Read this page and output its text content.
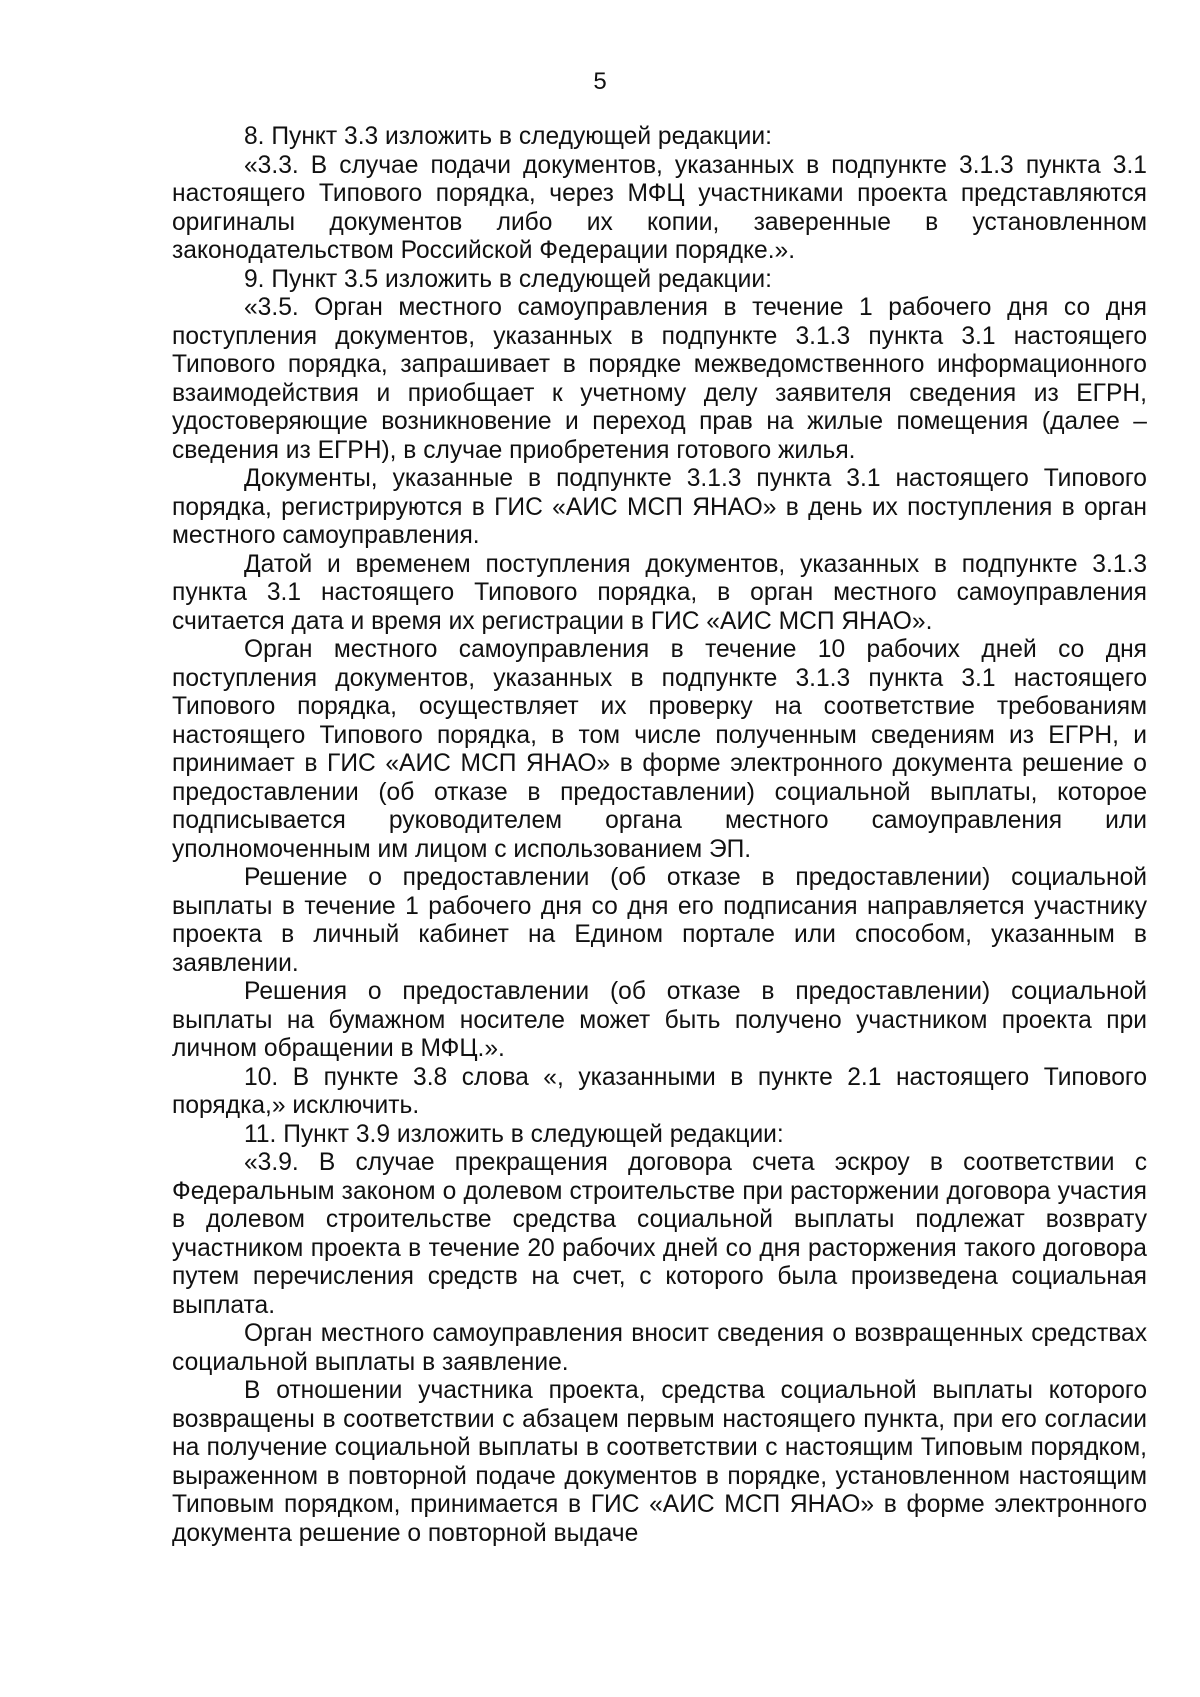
5

8. Пункт 3.3 изложить в следующей редакции:

«3.3. В случае подачи документов, указанных в подпункте 3.1.3 пункта 3.1 настоящего Типового порядка, через МФЦ участниками проекта представляются оригиналы документов либо их копии, заверенные в установленном законодательством Российской Федерации порядке.».

9. Пункт 3.5 изложить в следующей редакции:

«3.5. Орган местного самоуправления в течение 1 рабочего дня со дня поступления документов, указанных в подпункте 3.1.3 пункта 3.1 настоящего Типового порядка, запрашивает в порядке межведомственного информационного взаимодействия и приобщает к учетному делу заявителя сведения из ЕГРН, удостоверяющие возникновение и переход прав на жилые помещения (далее – сведения из ЕГРН), в случае приобретения готового жилья.

Документы, указанные в подпункте 3.1.3 пункта 3.1 настоящего Типового порядка, регистрируются в ГИС «АИС МСП ЯНАО» в день их поступления в орган местного самоуправления.

Датой и временем поступления документов, указанных в подпункте 3.1.3 пункта 3.1 настоящего Типового порядка, в орган местного самоуправления считается дата и время их регистрации в ГИС «АИС МСП ЯНАО».

Орган местного самоуправления в течение 10 рабочих дней со дня поступления документов, указанных в подпункте 3.1.3 пункта 3.1 настоящего Типового порядка, осуществляет их проверку на соответствие требованиям настоящего Типового порядка, в том числе полученным сведениям из ЕГРН, и принимает в ГИС «АИС МСП ЯНАО» в форме электронного документа решение о предоставлении (об отказе в предоставлении) социальной выплаты, которое подписывается руководителем органа местного самоуправления или уполномоченным им лицом с использованием ЭП.

Решение о предоставлении (об отказе в предоставлении) социальной выплаты в течение 1 рабочего дня со дня его подписания направляется участнику проекта в личный кабинет на Едином портале или способом, указанным в заявлении.

Решения о предоставлении (об отказе в предоставлении) социальной выплаты на бумажном носителе может быть получено участником проекта при личном обращении в МФЦ.».

10. В пункте 3.8 слова «, указанными в пункте 2.1 настоящего Типового порядка,» исключить.

11. Пункт 3.9 изложить в следующей редакции:

«3.9. В случае прекращения договора счета эскроу в соответствии с Федеральным законом о долевом строительстве при расторжении договора участия в долевом строительстве средства социальной выплаты подлежат возврату участником проекта в течение 20 рабочих дней со дня расторжения такого договора путем перечисления средств на счет, с которого была произведена социальная выплата.

Орган местного самоуправления вносит сведения о возвращенных средствах социальной выплаты в заявление.

В отношении участника проекта, средства социальной выплаты которого возвращены в соответствии с абзацем первым настоящего пункта, при его согласии на получение социальной выплаты в соответствии с настоящим Типовым порядком, выраженном в повторной подаче документов в порядке, установленном настоящим Типовым порядком, принимается в ГИС «АИС МСП ЯНАО» в форме электронного документа решение о повторной выдаче
